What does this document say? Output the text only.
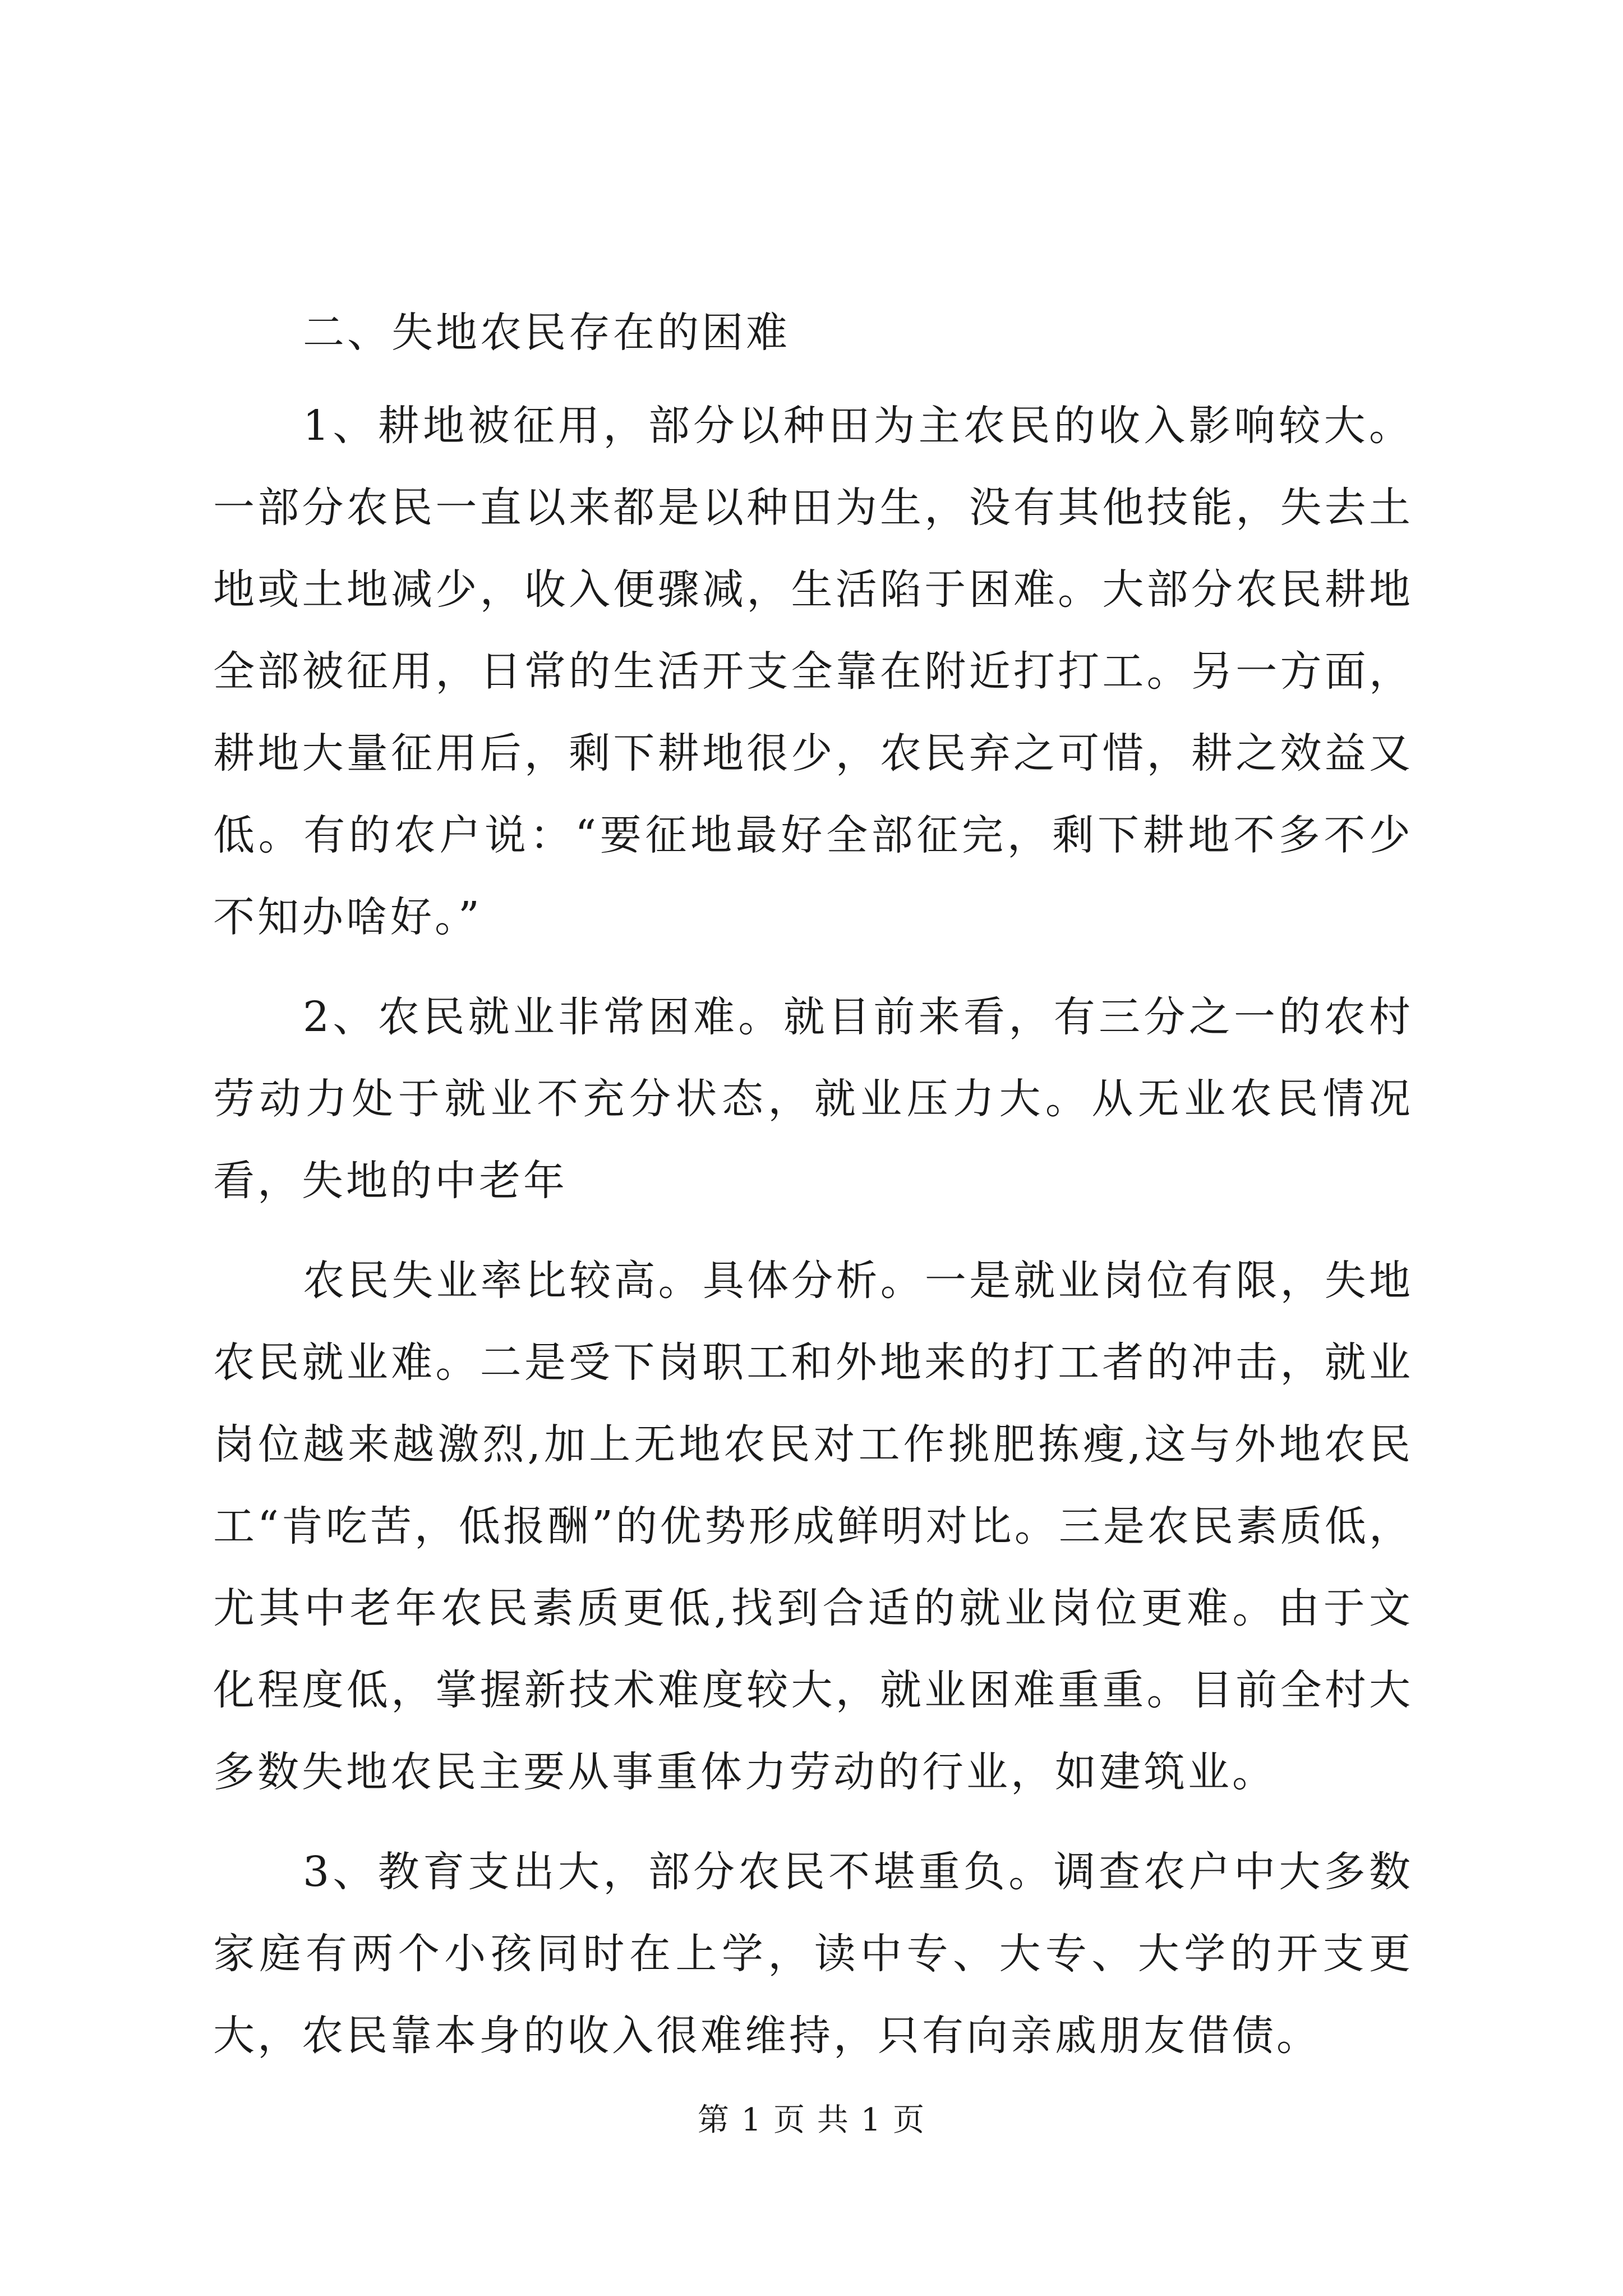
二、失地农民存在的困难

1、耕地被征用，部分以种田为主农民的收入影响较大。一部分农民一直以来都是以种田为生，没有其他技能，失去土地或土地减少，收入便骤减，生活陷于困难。大部分农民耕地全部被征用，日常的生活开支全靠在附近打打工。另一方面，耕地大量征用后，剩下耕地很少，农民弃之可惜，耕之效益又低。有的农户说：“要征地最好全部征完，剩下耕地不多不少不知办啥好。”

2、农民就业非常困难。就目前来看，有三分之一的农村劳动力处于就业不充分状态，就业压力大。从无业农民情况看，失地的中老年

农民失业率比较高。具体分析。一是就业岗位有限，失地农民就业难。二是受下岗职工和外地来的打工者的冲击，就业岗位越来越激烈,加上无地农民对工作挑肥拣瘦,这与外地农民工“肯吃苦，低报酬”的优势形成鲜明对比。三是农民素质低，尤其中老年农民素质更低,找到合适的就业岗位更难。由于文化程度低，掌握新技术难度较大，就业困难重重。目前全村大多数失地农民主要从事重体力劳动的行业，如建筑业。

3、教育支出大，部分农民不堪重负。调查农户中大多数家庭有两个小孩同时在上学，读中专、大专、大学的开支更大，农民靠本身的收入很难维持，只有向亲戚朋友借债。

第 1 页 共 1 页
